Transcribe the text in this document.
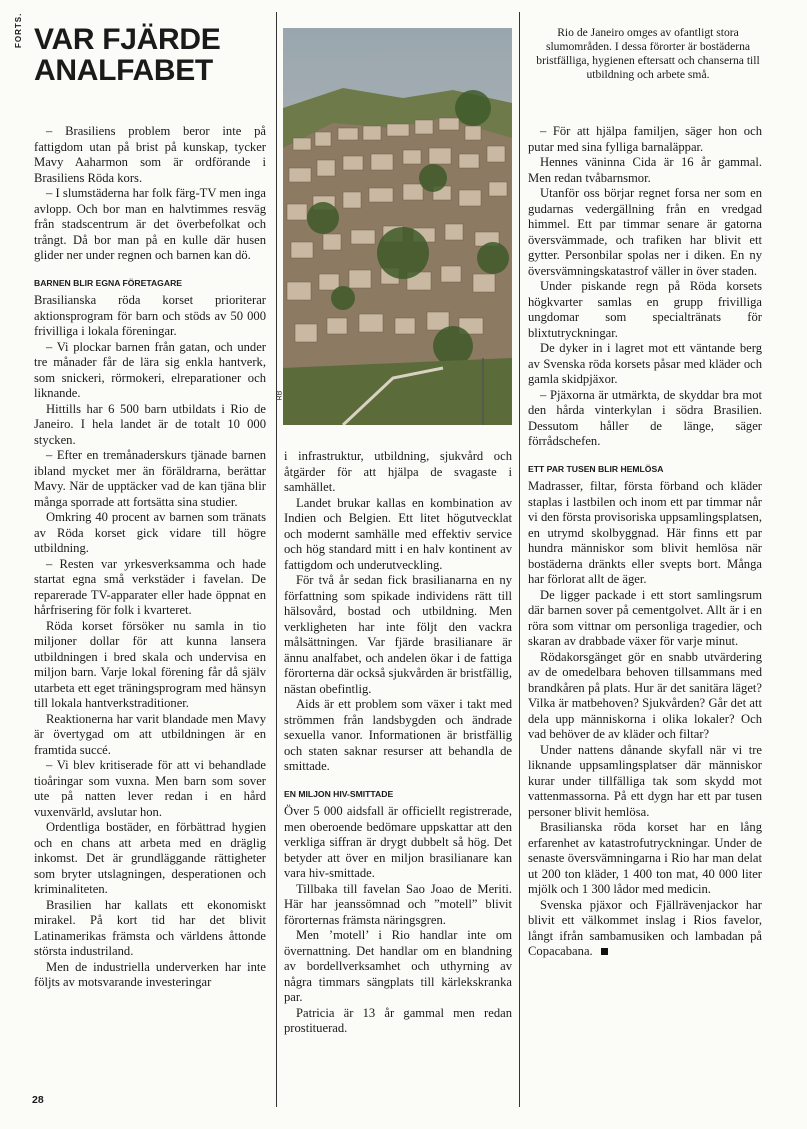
FORTS. VAR FJÄRDE
ANALFABET

– Brasiliens problem beror inte på fattigdom utan på brist på kunskap, tycker Mavy Aaharmon som är ordförande i Brasiliens Röda kors.

– I slumstäderna har folk färg-TV men inga avlopp. Och bor man en halvtimmes resväg från stadscentrum är det överbefolkat och trångt. Då bor man på en kulle där husen glider ner under regnen och barnen kan dö.

BARNEN BLIR EGNA FÖRETAGARE

Brasilianska röda korset prioriterar aktionsprogram för barn och stöds av 50 000 frivilliga i lokala föreningar.

– Vi plockar barnen från gatan, och under tre månader får de lära sig enkla hantverk, som snickeri, rörmokeri, elreparationer och liknande.

Hittills har 6 500 barn utbildats i Rio de Janeiro. I hela landet är de totalt 10 000 stycken.

– Efter en tremånaderskurs tjänade barnen ibland mycket mer än föräldrarna, berättar Mavy. När de upptäcker vad de kan tjäna blir många sporrade att fortsätta sina studier.

Omkring 40 procent av barnen som tränats av Röda korset gick vidare till högre utbildning.

– Resten var yrkesverksamma och hade startat egna små verkstäder i favelan. De reparerade TV-apparater eller hade öppnat en hårfrisering för folk i kvarteret.

Röda korset försöker nu samla in tio miljoner dollar för att kunna lansera utbildningen i bred skala och undervisa en miljon barn. Varje lokal förening får då själv utarbeta ett eget träningsprogram med hänsyn till lokala hantverkstraditioner.

Reaktionerna har varit blandade men Mavy är övertygad om att utbildningen är en framtida succé.

– Vi blev kritiserade för att vi behandlade tioåringar som vuxna. Men barn som sover ute på natten lever redan i en hård vuxenvärld, avslutar hon.

Ordentliga bostäder, en förbättrad hygien och en chans att arbeta med en dräglig inkomst. Det är grundläggande rättigheter som bryter utslagningen, desperationen och kriminaliteten.

Brasilien har kallats ett ekonomiskt mirakel. På kort tid har det blivit Latinamerikas främsta och världens åttonde största industriland.

Men de industriella underverken har inte följts av motsvarande investeringar

RB

i infrastruktur, utbildning, sjukvård och åtgärder för att hjälpa de svagaste i samhället.

Landet brukar kallas en kombination av Indien och Belgien. Ett litet högutvecklat och modernt samhälle med effektiv service och hög standard mitt i en halv kontinent av fattigdom och underutveckling.

För två år sedan fick brasilianarna en ny författning som spikade individens rätt till hälsovård, bostad och utbildning. Men verkligheten har inte följt den vackra målsättningen. Var fjärde brasilianare är ännu analfabet, och andelen ökar i de fattiga förorterna där också sjukvården är bristfällig, nästan obefintlig.

Aids är ett problem som växer i takt med strömmen från landsbygden och ändrade sexuella vanor. Informationen är bristfällig och staten saknar resurser att behandla de smittade.

EN MILJON HIV-SMITTADE

Över 5 000 aidsfall är officiellt registrerade, men oberoende bedömare uppskattar att den verkliga siffran är drygt dubbelt så hög. Det betyder att över en miljon brasilianare kan vara hiv-smittade.

Tillbaka till favelan Sao Joao de Meriti. Här har jeanssömnad och ”motell” blivit förorternas främsta näringsgren.

Men ’motell’ i Rio handlar inte om övernattning. Det handlar om en blandning av bordellverksamhet och uthyrning av några timmars sängplats till kärlekskranka par.

Patricia är 13 år gammal men redan prostituerad.

Rio de Janeiro omges av ofantligt stora slumområden. I dessa förorter är bostäderna bristfälliga, hygienen eftersatt och chanserna till utbildning och arbete små.

– För att hjälpa familjen, säger hon och putar med sina fylliga barnaläppar.

Hennes väninna Cida är 16 år gammal. Men redan tvåbarnsmor.

Utanför oss börjar regnet forsa ner som en gudarnas vedergällning från en vredgad himmel. Ett par timmar senare är gatorna översvämmade, och trafiken har blivit ett gytter. Personbilar spolas ner i diken. En ny översvämningskatastrof väller in över staden.

Under piskande regn på Röda korsets högkvarter samlas en grupp frivilliga ungdomar som specialtränats för blixtutryckningar.

De dyker in i lagret mot ett väntande berg av Svenska röda korsets påsar med kläder och gamla skidpjäxor.

– Pjäxorna är utmärkta, de skyddar bra mot den hårda vinterkylan i södra Brasilien. Dessutom håller de länge, säger förrådschefen.

ETT PAR TUSEN BLIR HEMLÖSA

Madrasser, filtar, första förband och kläder staplas i lastbilen och inom ett par timmar når vi den första provisoriska uppsamlingsplatsen, en utrymd skolbyggnad. Här finns ett par hundra människor som blivit hemlösa när bostäderna dränkts eller svepts bort. Många har förlorat allt de äger.

De ligger packade i ett stort samlingsrum där barnen sover på cementgolvet. Allt är i en röra som vittnar om personliga tragedier, och skaran av drabbade växer för varje minut.

Rödakorsgänget gör en snabb utvärdering av de omedelbara behoven tillsammans med brandkåren på plats. Hur är det sanitära läget? Vilka är matbehoven? Sjukvården? Går det att dela upp människorna i olika lokaler? Och vad behöver de av kläder och filtar?

Under nattens dånande skyfall när vi tre liknande uppsamlingsplatser där människor kurar under tillfälliga tak som skydd mot vattenmassorna. På ett dygn har ett par tusen personer blivit hemlösa.

Brasilianska röda korset har en lång erfarenhet av katastrofutryckningar. Under de senaste översvämningarna i Rio har man delat ut 200 ton kläder, 1 400 ton mat, 40 000 liter mjölk och 1 300 lådor med medicin.

Svenska pjäxor och Fjällrävenjackor har blivit ett välkommet inslag i Rios favelor, långt ifrån sambamusiken och lambadan på Copacabana.

28
